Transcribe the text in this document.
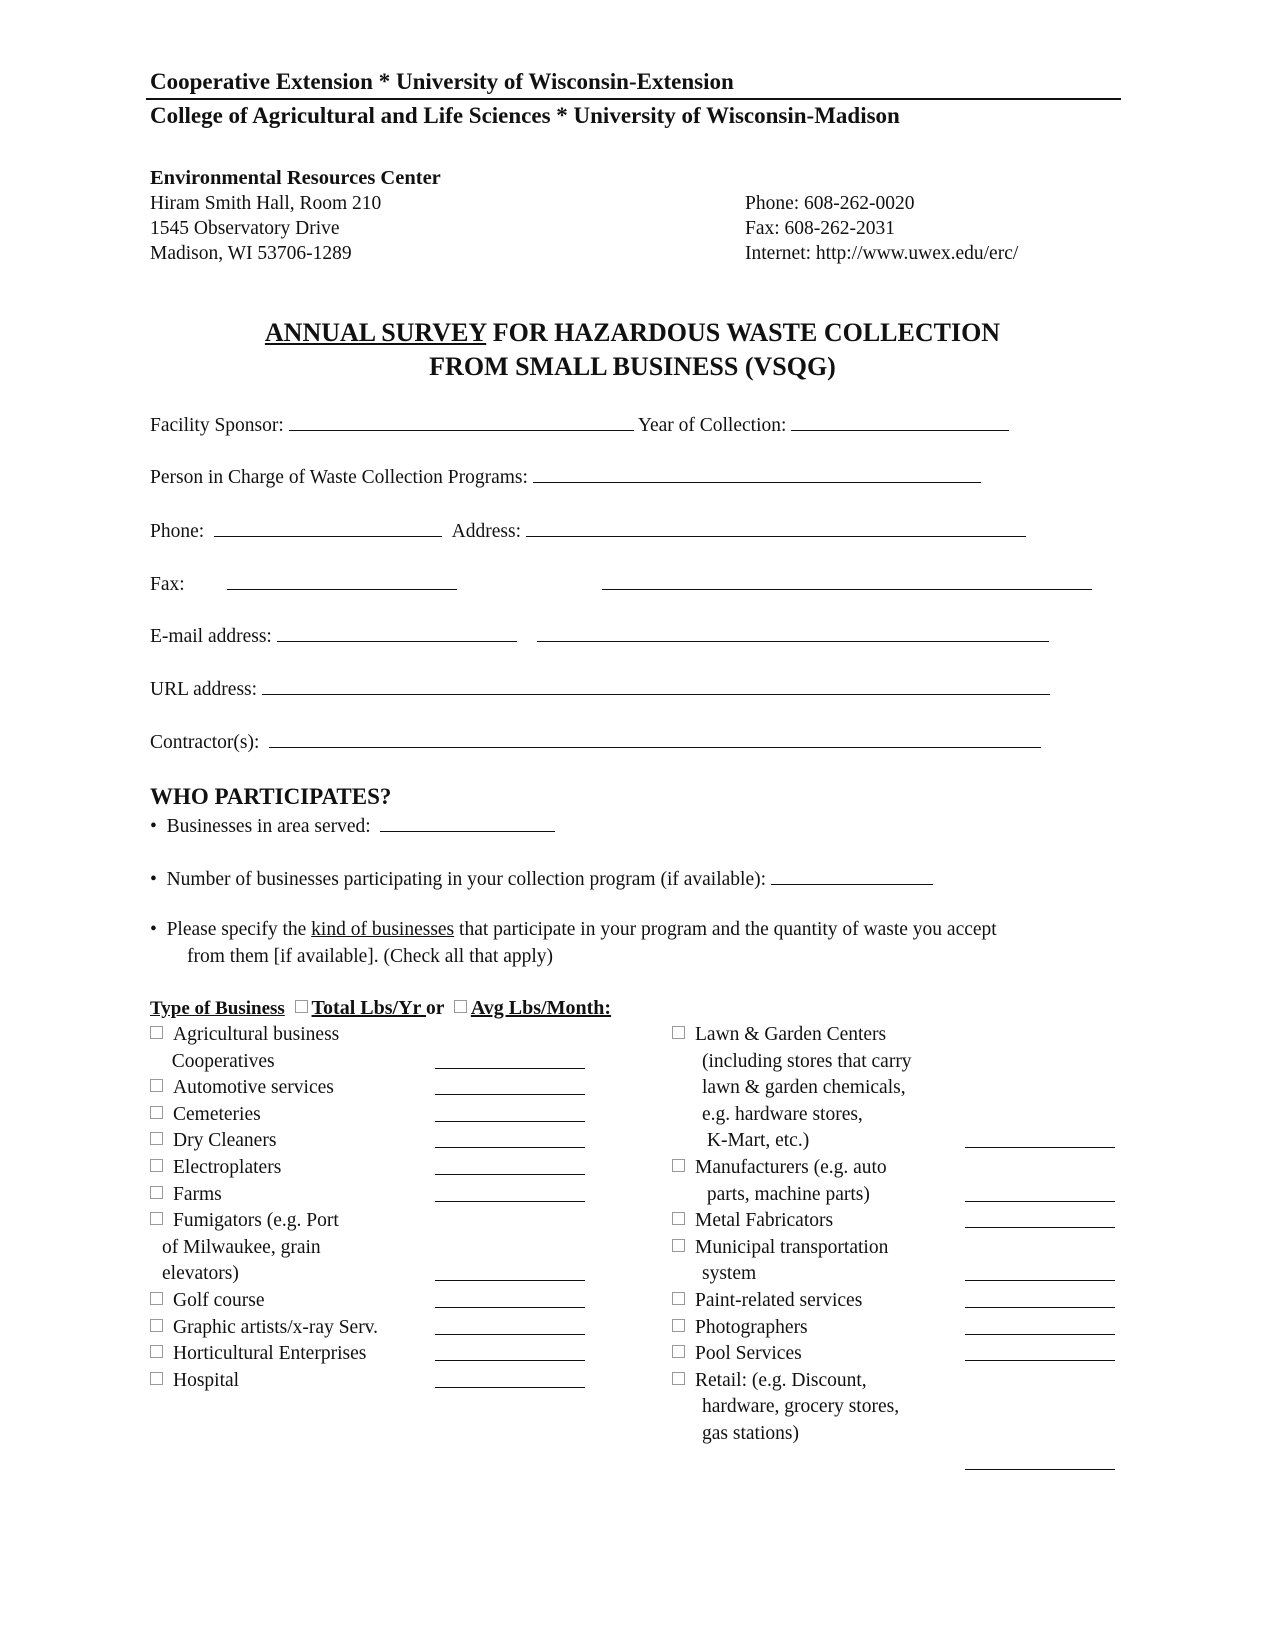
Cooperative Extension * University of Wisconsin-Extension
College of Agricultural and Life Sciences * University of Wisconsin-Madison
Environmental Resources Center
Hiram Smith Hall, Room 210
1545 Observatory Drive
Madison, WI 53706-1289
Phone: 608-262-0020
Fax: 608-262-2031
Internet: http://www.uwex.edu/erc/
ANNUAL SURVEY FOR HAZARDOUS WASTE COLLECTION
FROM SMALL BUSINESS (VSQG)
Facility Sponsor:	Year of Collection:
Person in Charge of Waste Collection Programs:
Phone:	Address:
Fax:
E-mail address:
URL address:
Contractor(s):
WHO PARTICIPATES?
•  Businesses in area served:
•  Number of businesses participating in your collection program (if available):
•  Please specify the kind of businesses that participate in your program and the quantity of waste you accept
from them [if available]. (Check all that apply)
Type of Business Total Lbs/Yr or Avg Lbs/Month:
Agricultural business
Cooperatives
Automotive services
Cemeteries
Dry Cleaners
Electroplaters
Farms
Fumigators (e.g. Port
of Milwaukee, grain
elevators)
Golf course
Graphic artists/x-ray Serv.
Horticultural Enterprises
Hospital
Lawn & Garden Centers
(including stores that carry
lawn & garden chemicals,
e.g. hardware stores,
K-Mart, etc.)
Manufacturers (e.g. auto
parts, machine parts)
Metal Fabricators
Municipal transportation
system
Paint-related services
Photographers
Pool Services
Retail: (e.g. Discount,
hardware, grocery stores,
gas stations)
